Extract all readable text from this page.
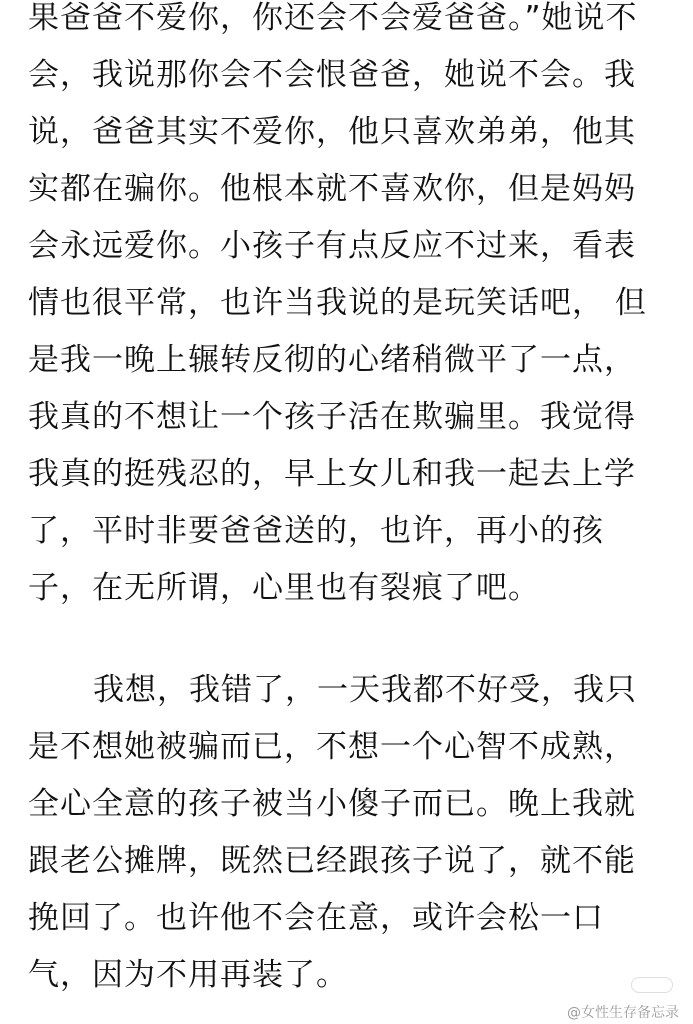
果爸爸不爱你，你还会不会爱爸爸。”她说不
会，我说那你会不会恨爸爸，她说不会。我
说，爸爸其实不爱你，他只喜欢弟弟，他其
实都在骗你。他根本就不喜欢你，但是妈妈
会永远爱你。小孩子有点反应不过来，看表
情也很平常，也许当我说的是玩笑话吧， 但
是我一晚上辗转反彻的心绪稍微平了一点，
我真的不想让一个孩子活在欺骗里。我觉得
我真的挺残忍的，早上女儿和我一起去上学
了，平时非要爸爸送的，也许，再小的孩
子，在无所谓，心里也有裂痕了吧。
我想，我错了，一天我都不好受，我只
是不想她被骗而已，不想一个心智不成熟，
全心全意的孩子被当小傻子而已。晚上我就
跟老公摊牌，既然已经跟孩子说了，就不能
挽回了。也许他不会在意，或许会松一口
气，因为不用再装了。
@女性生存备忘录
